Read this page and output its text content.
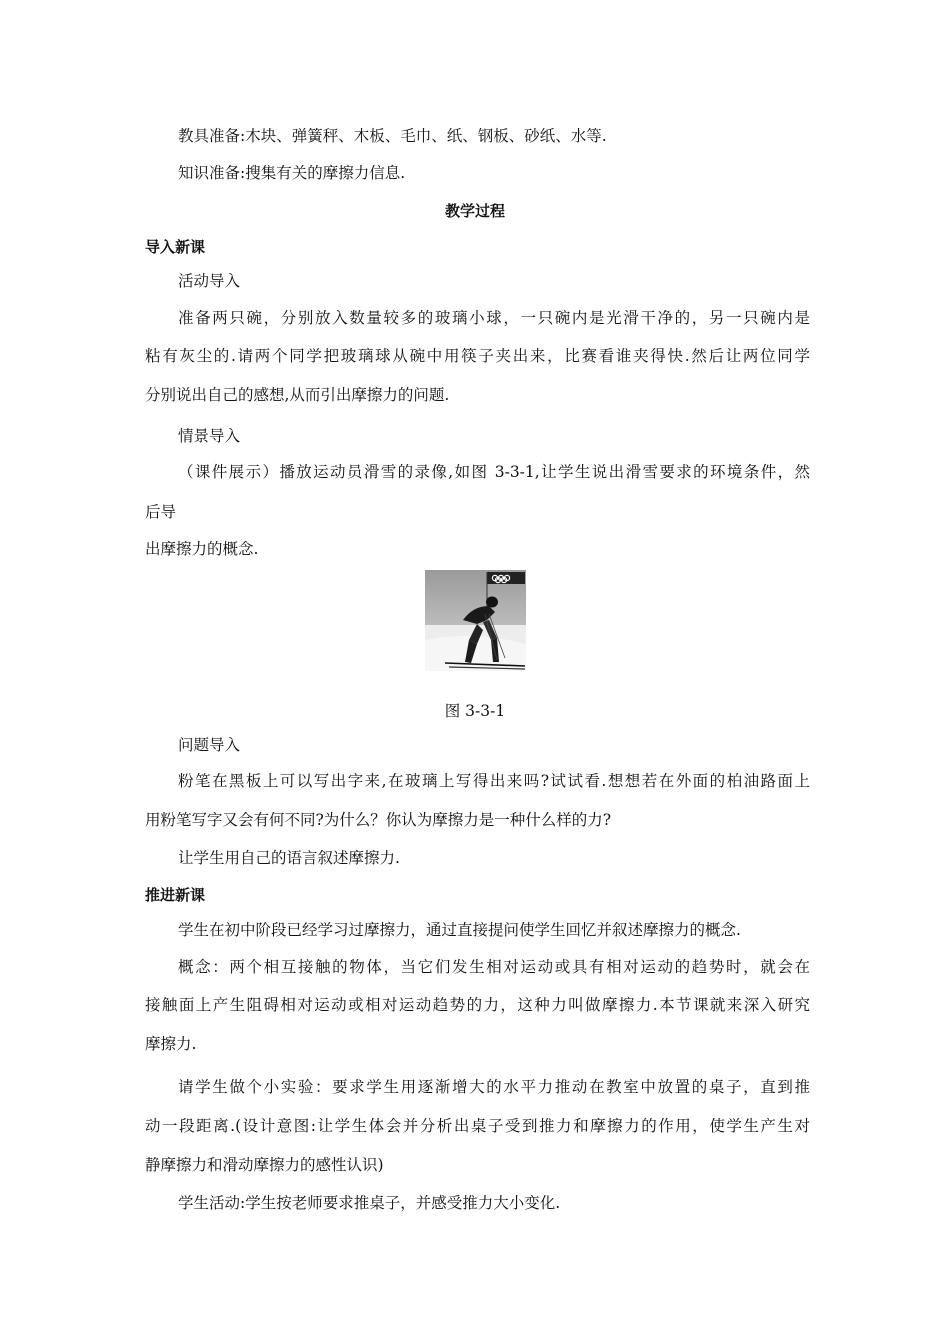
教具准备:木块、弹簧秤、木板、毛巾、纸、钢板、砂纸、水等.
知识准备:搜集有关的摩擦力信息.
教学过程
导入新课
活动导入
准备两只碗，分别放入数量较多的玻璃小球，一只碗内是光滑干净的，另一只碗内是
粘有灰尘的.请两个同学把玻璃球从碗中用筷子夹出来，比赛看谁夹得快.然后让两位同学
分别说出自己的感想,从而引出摩擦力的问题.
情景导入
（课件展示）播放运动员滑雪的录像,如图 3-3-1,让学生说出滑雪要求的环境条件，然
后导
出摩擦力的概念.
图 3-3-1
问题导入
粉笔在黑板上可以写出字来,在玻璃上写得出来吗?试试看.想想若在外面的柏油路面上
用粉笔写字又会有何不同?为什么？你认为摩擦力是一种什么样的力?
让学生用自己的语言叙述摩擦力.
推进新课
学生在初中阶段已经学习过摩擦力，通过直接提问使学生回忆并叙述摩擦力的概念.
概念：两个相互接触的物体，当它们发生相对运动或具有相对运动的趋势时，就会在
接触面上产生阻碍相对运动或相对运动趋势的力，这种力叫做摩擦力.本节课就来深入研究
摩擦力.
请学生做个小实验：要求学生用逐渐增大的水平力推动在教室中放置的桌子，直到推
动一段距离.(设计意图:让学生体会并分析出桌子受到推力和摩擦力的作用，使学生产生对
静摩擦力和滑动摩擦力的感性认识)
学生活动:学生按老师要求推桌子，并感受推力大小变化.
